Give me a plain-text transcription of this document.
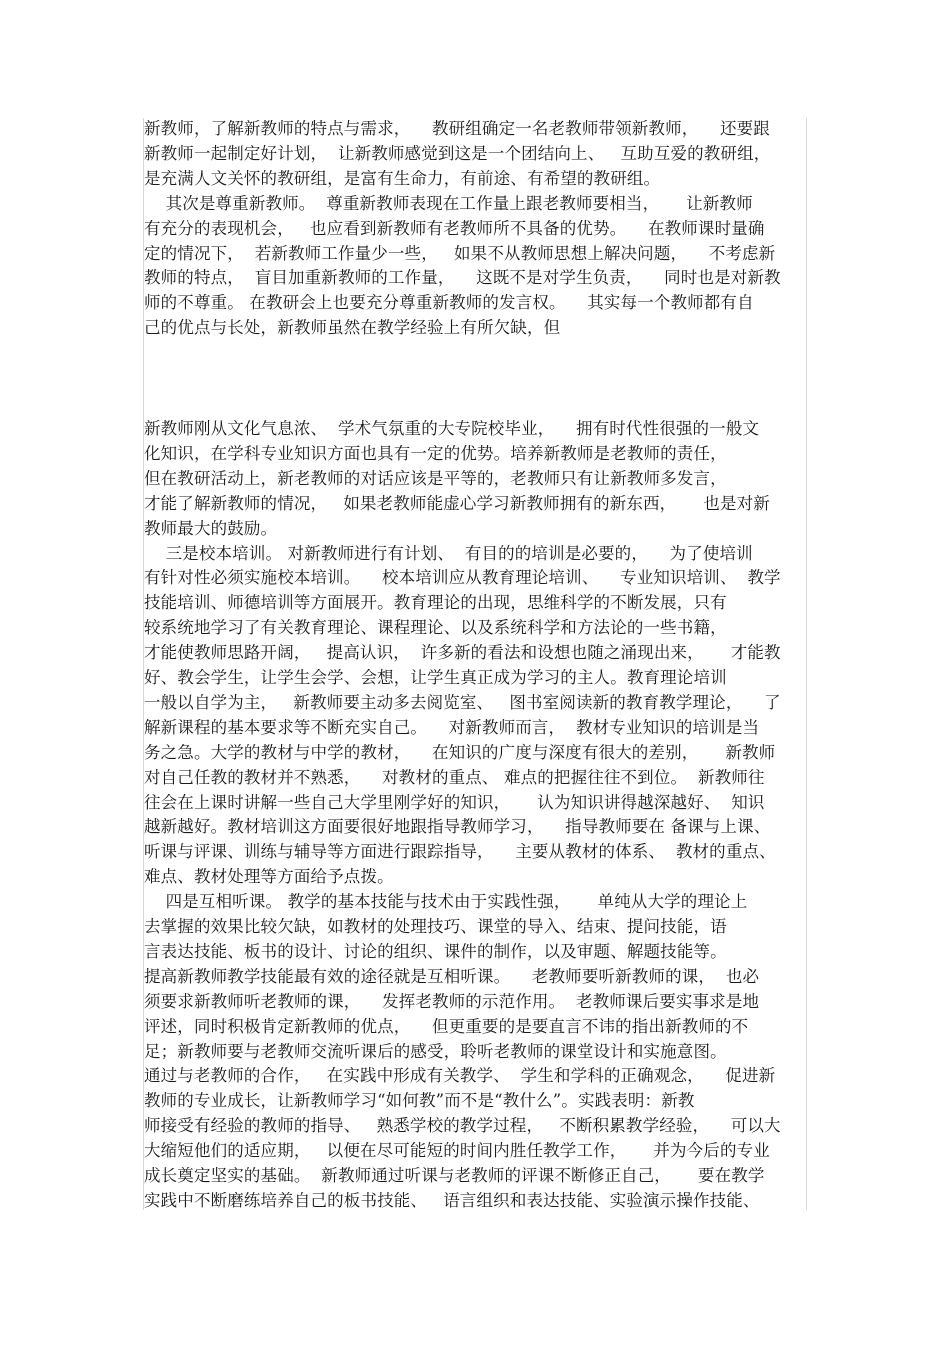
新教师，了解新教师的特点与需求，    教研组确定一名老教师带领新教师，    还要跟

新教师一起制定好计划，  让新教师感觉到这是一个团结向上、   互助互爱的教研组，

是充满人文关怀的教研组，是富有生命力，有前途、有希望的教研组。

其次是尊重新教师。  尊重新教师表现在工作量上跟老教师要相当，     让新教师

有充分的表现机会，   也应看到新教师有老教师所不具备的优势。    在教师课时量确

定的情况下，  若新教师工作量少一些，   如果不从教师思想上解决问题，    不考虑新

教师的特点，  盲目加重新教师的工作量，    这既不是对学生负责，    同时也是对新教

师的不尊重。 在教研会上也要充分尊重新教师的发言权。    其实每一个教师都有自

己的优点与长处，新教师虽然在教学经验上有所欠缺，但

新教师刚从文化气息浓、  学术气氛重的大专院校毕业，    拥有时代性很强的一般文

化知识，在学科专业知识方面也具有一定的优势。培养新教师是老教师的责任，

但在教研活动上，新老教师的对话应该是平等的，老教师只有让新教师多发言，

才能了解新教师的情况，   如果老教师能虚心学习新教师拥有的新东西，     也是对新

教师最大的鼓励。

三是校本培训。 对新教师进行有计划、  有目的的培训是必要的，    为了使培训

有针对性必须实施校本培训。    校本培训应从教育理论培训、    专业知识培训、  教学

技能培训、师德培训等方面展开。教育理论的出现，思维科学的不断发展，只有

较系统地学习了有关教育理论、课程理论、以及系统科学和方法论的一些书籍，

才能使教师思路开阔，   提高认识，  许多新的看法和设想也随之涌现出来，     才能教

好、教会学生，让学生会学、会想，让学生真正成为学习的主人。教育理论培训

一般以自学为主，   新教师要主动多去阅览室、   图书室阅读新的教育教学理论，    了

解新课程的基本要求等不断充实自己。    对新教师而言，  教材专业知识的培训是当

务之急。大学的教材与中学的教材，    在知识的广度与深度有很大的差别，     新教师

对自己任教的教材并不熟悉，    对教材的重点、 难点的把握往往不到位。  新教师往

往会在上课时讲解一些自己大学里刚学好的知识，     认为知识讲得越深越好、  知识

越新越好。教材培训这方面要很好地跟指导教师学习，    指导教师要在 备课与上课、

听课与评课、训练与辅导等方面进行跟踪指导，    主要从教材的体系、  教材的重点、

难点、教材处理等方面给予点拨。

四是互相听课。 教学的基本技能与技术由于实践性强，     单纯从大学的理论上

去掌握的效果比较欠缺，如教材的处理技巧、课堂的导入、结束、提问技能，语

言表达技能、板书的设计、讨论的组织、课件的制作，以及审题、解题技能等。

提高新教师教学技能最有效的途径就是互相听课。    老教师要听新教师的课，  也必

须要求新教师听老教师的课，    发挥老教师的示范作用。  老教师课后要实事求是地

评述，同时积极肯定新教师的优点，    但更重要的是要直言不讳的指出新教师的不

足；新教师要与老教师交流听课后的感受，聆听老教师的课堂设计和实施意图。

通过与老教师的合作，   在实践中形成有关教学、  学生和学科的正确观念，    促进新

教师的专业成长，让新教师学习“如何教”而不是“教什么”。实践表明：新教

师接受有经验的教师的指导、   熟悉学校的教学过程，   不断积累教学经验，    可以大

大缩短他们的适应期，   以便在尽可能短的时间内胜任教学工作，     并为今后的专业

成长奠定坚实的基础。  新教师通过听课与老教师的评课不断修正自己，     要在教学

实践中不断磨练培养自己的板书技能、   语言组织和表达技能、实验演示操作技能、
